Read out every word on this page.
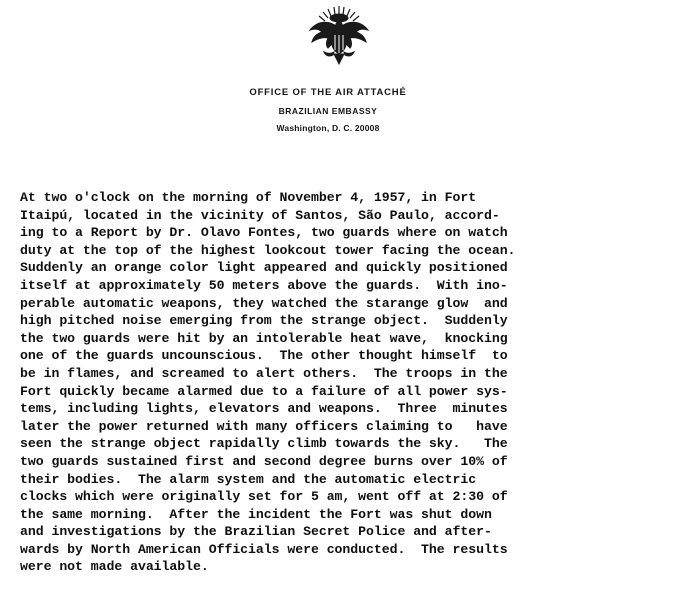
OFFICE OF THE AIR ATTACHÉ
BRAZILIAN EMBASSY
Washington, D. C. 20008
At two o'clock on the morning of November 4, 1957, in Fort
Itaipú, located in the vicinity of Santos, São Paulo, accord-
ing to a Report by Dr. Olavo Fontes, two guards where on watch
duty at the top of the highest lookcout tower facing the ocean.
Suddenly an orange color light appeared and quickly positioned
itself at approximately 50 meters above the guards.  With ino-
perable automatic weapons, they watched the starange glow  and
high pitched noise emerging from the strange object.  Suddenly
the two guards were hit by an intolerable heat wave,  knocking
one of the guards uncounscious.  The other thought himself  to
be in flames, and screamed to alert others.  The troops in the
Fort quickly became alarmed due to a failure of all power sys-
tems, including lights, elevators and weapons.  Three  minutes
later the power returned with many officers claiming to   have
seen the strange object rapidally climb towards the sky.   The
two guards sustained first and second degree burns over 10% of
their bodies.  The alarm system and the automatic electric
clocks which were originally set for 5 am, went off at 2:30 of
the same morning.  After the incident the Fort was shut down
and investigations by the Brazilian Secret Police and after-
wards by North American Officials were conducted.  The results
were not made available.
